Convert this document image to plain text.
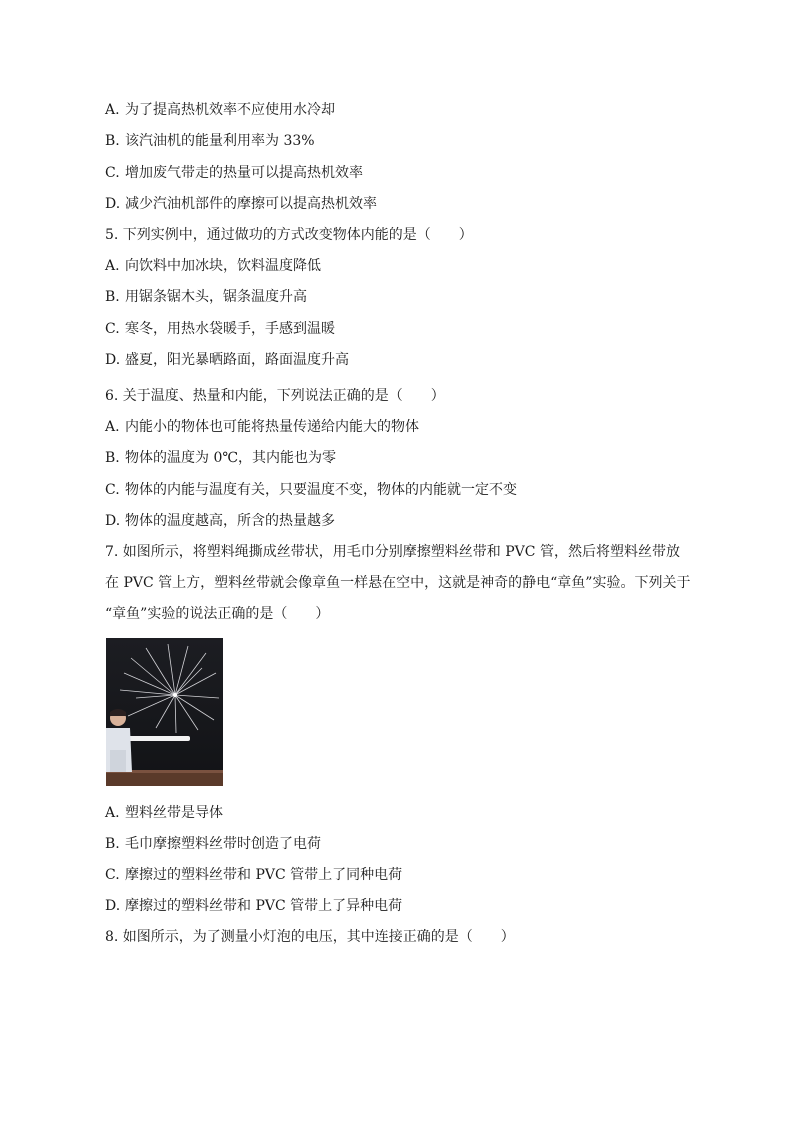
A. 为了提高热机效率不应使用水冷却
B. 该汽油机的能量利用率为 33%
C. 增加废气带走的热量可以提高热机效率
D. 减少汽油机部件的摩擦可以提高热机效率
5. 下列实例中，通过做功的方式改变物体内能的是（　　）
A. 向饮料中加冰块，饮料温度降低
B. 用锯条锯木头，锯条温度升高
C. 寒冬，用热水袋暖手，手感到温暖
D. 盛夏，阳光暴晒路面，路面温度升高
6. 关于温度、热量和内能，下列说法正确的是（　　）
A. 内能小的物体也可能将热量传递给内能大的物体
B. 物体的温度为 0℃，其内能也为零
C. 物体的内能与温度有关，只要温度不变，物体的内能就一定不变
D. 物体的温度越高，所含的热量越多
7. 如图所示，将塑料绳撕成丝带状，用毛巾分别摩擦塑料丝带和 PVC 管，然后将塑料丝带放
在 PVC 管上方，塑料丝带就会像章鱼一样悬在空中，这就是神奇的静电“章鱼”实验。下列关于
“章鱼”实验的说法正确的是（　　）
A. 塑料丝带是导体
B. 毛巾摩擦塑料丝带时创造了电荷
C. 摩擦过的塑料丝带和 PVC 管带上了同种电荷
D. 摩擦过的塑料丝带和 PVC 管带上了异种电荷
8. 如图所示，为了测量小灯泡的电压，其中连接正确的是（　　）
